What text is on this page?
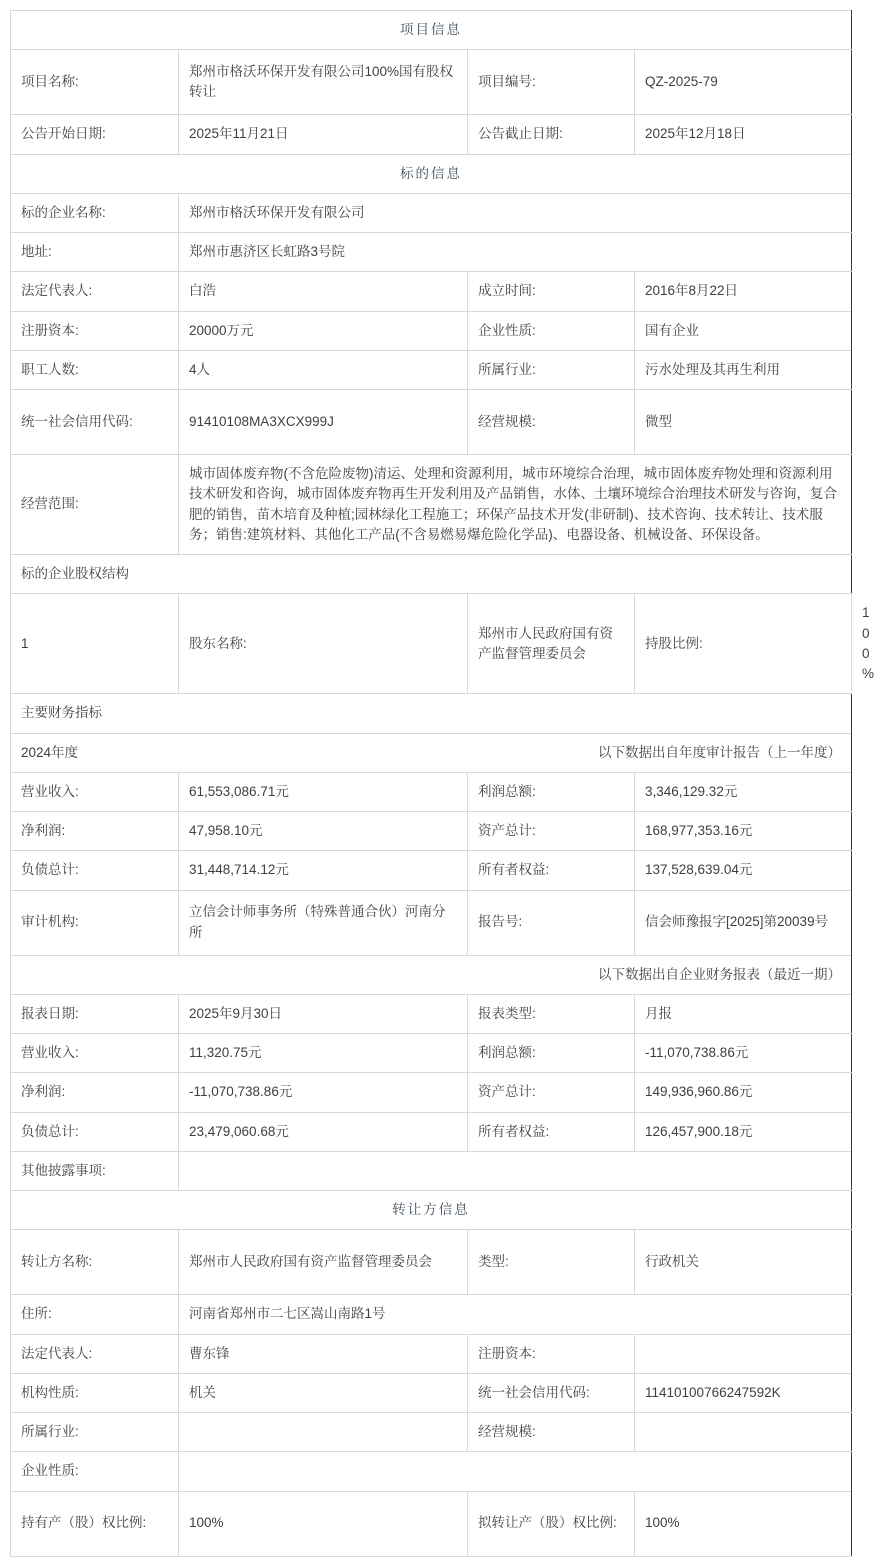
项目信息				
项目名称:	郑州市格沃环保开发有限公司100%国有股权转让	项目编号:	QZ-2025-79	
公告开始日期:	2025年11月21日	公告截止日期:	2025年12月18日	
标的信息				
标的企业名称:	郑州市格沃环保开发有限公司			
地址:	郑州市惠济区长虹路3号院			
法定代表人:	白浩	成立时间:	2016年8月22日	
注册资本:	20000万元	企业性质:	国有企业	
职工人数:	4人	所属行业:	污水处理及其再生利用	
统一社会信用代码:	91410108MA3XCX999J	经营规模:	微型	
经营范围:	城市固体废弃物(不含危险废物)清运、处理和资源利用，城市环境综合治理，城市固体废弃物处理和资源利用技术研发和咨询，城市固体废弃物再生开发利用及产品销售，水体、土壤环境综合治理技术研发与咨询，复合肥的销售，苗木培育及种植;园林绿化工程施工；环保产品技术开发(非研制)、技术咨询、技术转让、技术服务；销售:建筑材料、其他化工产品(不含易燃易爆危险化学品)、电器设备、机械设备、环保设备。			
标的企业股权结构				
1	股东名称:	郑州市人民政府国有资产监督管理委员会	持股比例:	100%
主要财务指标				

2024年度 以下数据出自年度审计报告（上一年度）				

营业收入:	61,553,086.71元	利润总额:	3,346,129.32元	
净利润:	47,958.10元	资产总计:	168,977,353.16元	
负债总计:	31,448,714.12元	所有者权益:	137,528,639.04元	
审计机构:	立信会计师事务所（特殊普通合伙）河南分所	报告号:	信会师豫报字[2025]第20039号	

以下数据出自企业财务报表（最近一期）				

报表日期:	2025年9月30日	报表类型:	月报	
营业收入:	11,320.75元	利润总额:	-11,070,738.86元	
净利润:	-11,070,738.86元	资产总计:	149,936,960.86元	
负债总计:	23,479,060.68元	所有者权益:	126,457,900.18元	
其他披露事项:				
转让方信息				
转让方名称:	郑州市人民政府国有资产监督管理委员会	类型:	行政机关	
住所:	河南省郑州市二七区嵩山南路1号			
法定代表人:	曹东锋	注册资本:		
机构性质:	机关	统一社会信用代码:	11410100766247592K	
所属行业:		经营规模:		
企业性质:				
持有产（股）权比例:	100%	拟转让产（股）权比例:	100%	
